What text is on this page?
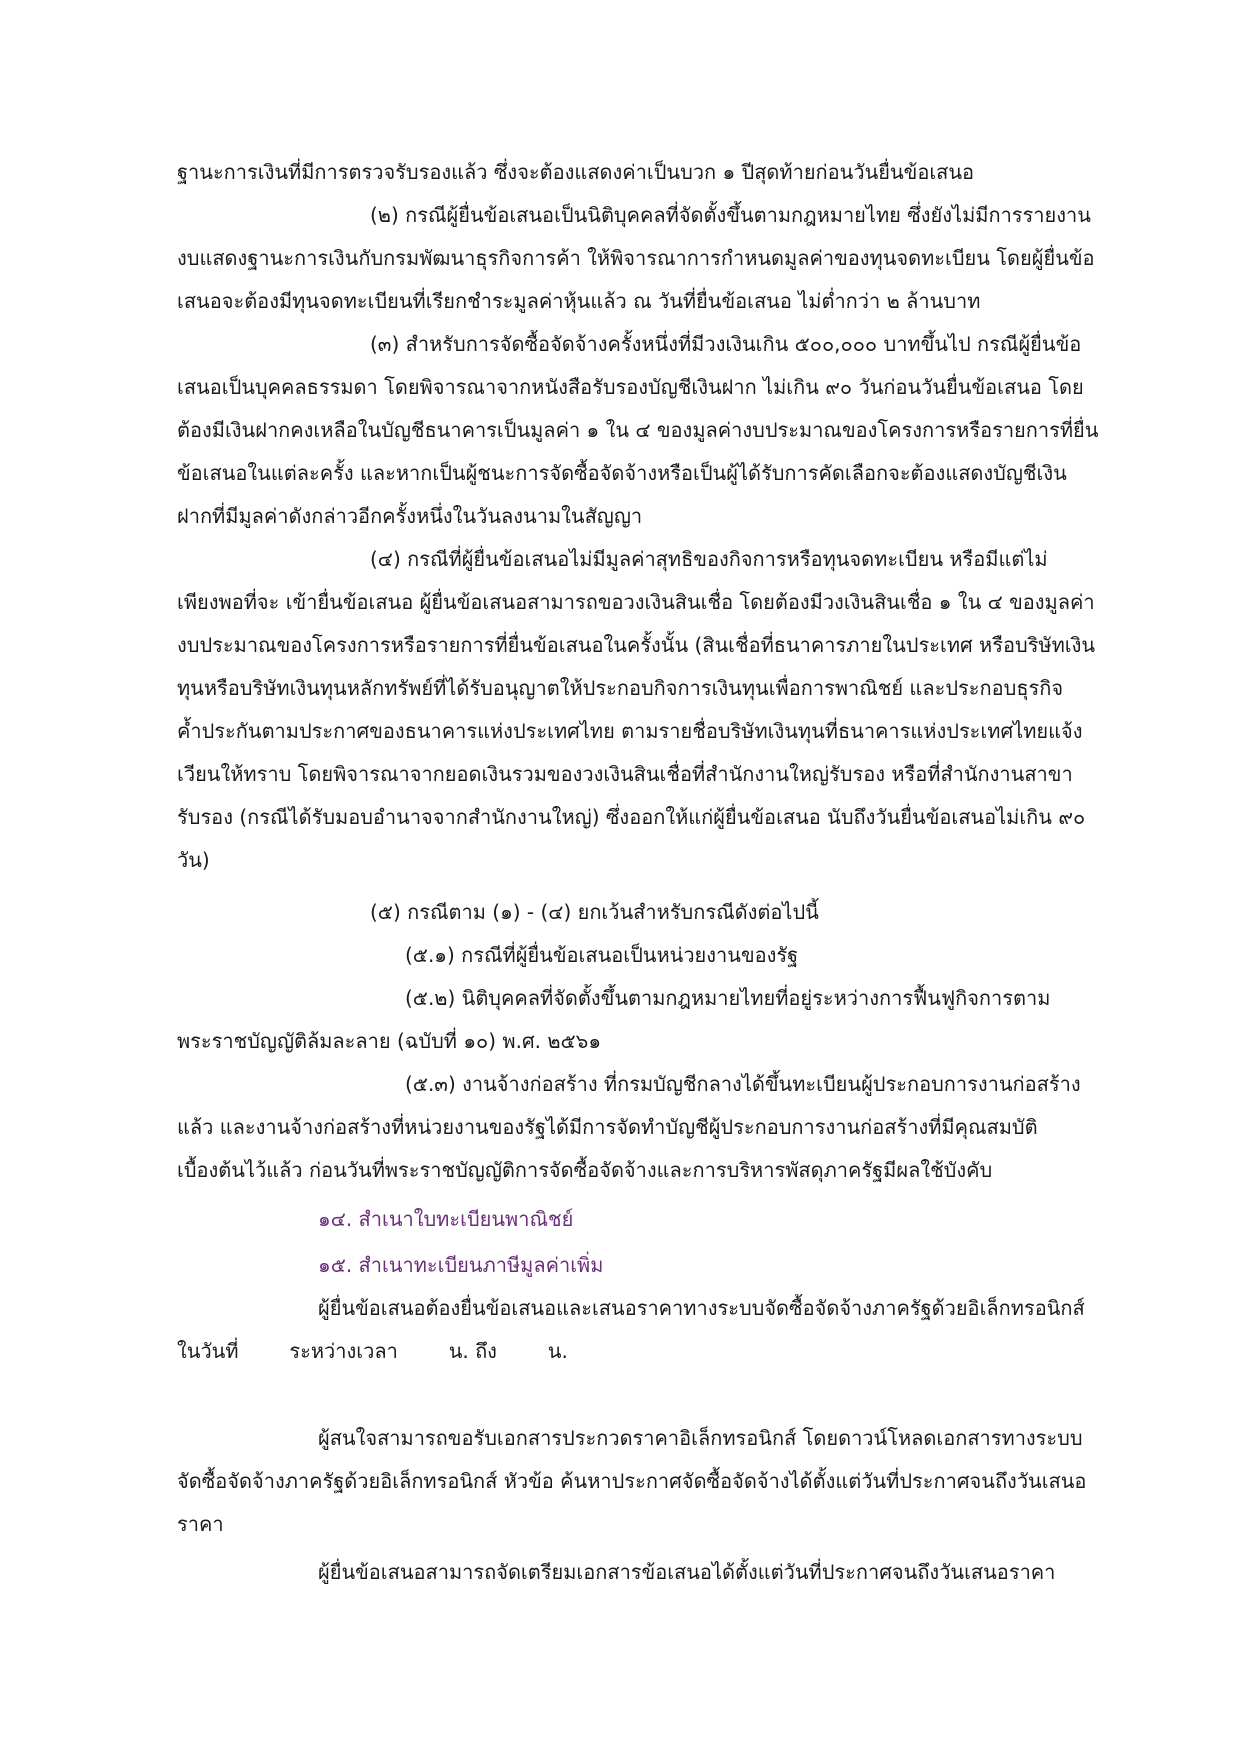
ฐานะการเงินที่มีการตรวจรับรองแล้ว ซึ่งจะต้องแสดงค่าเป็นบวก ๑ ปีสุดท้ายก่อนวันยื่นข้อเสนอ

(๒) กรณีผู้ยื่นข้อเสนอเป็นนิติบุคคลที่จัดตั้งขึ้นตามกฎหมายไทย ซึ่งยังไม่มีการรายงาน

งบแสดงฐานะการเงินกับกรมพัฒนาธุรกิจการค้า ให้พิจารณาการกำหนดมูลค่าของทุนจดทะเบียน โดยผู้ยื่นข้อ

เสนอจะต้องมีทุนจดทะเบียนที่เรียกชำระมูลค่าหุ้นแล้ว ณ วันที่ยื่นข้อเสนอ ไม่ต่ำกว่า ๒ ล้านบาท

(๓) สำหรับการจัดซื้อจัดจ้างครั้งหนึ่งที่มีวงเงินเกิน ๕๐๐,๐๐๐ บาทขึ้นไป กรณีผู้ยื่นข้อ

เสนอเป็นบุคคลธรรมดา โดยพิจารณาจากหนังสือรับรองบัญชีเงินฝาก ไม่เกิน ๙๐ วันก่อนวันยื่นข้อเสนอ โดย

ต้องมีเงินฝากคงเหลือในบัญชีธนาคารเป็นมูลค่า ๑ ใน ๔ ของมูลค่างบประมาณของโครงการหรือรายการที่ยื่น

ข้อเสนอในแต่ละครั้ง และหากเป็นผู้ชนะการจัดซื้อจัดจ้างหรือเป็นผู้ได้รับการคัดเลือกจะต้องแสดงบัญชีเงิน

ฝากที่มีมูลค่าดังกล่าวอีกครั้งหนึ่งในวันลงนามในสัญญา

(๔) กรณีที่ผู้ยื่นข้อเสนอไม่มีมูลค่าสุทธิของกิจการหรือทุนจดทะเบียน หรือมีแต่ไม่

เพียงพอที่จะ เข้ายื่นข้อเสนอ ผู้ยื่นข้อเสนอสามารถขอวงเงินสินเชื่อ โดยต้องมีวงเงินสินเชื่อ ๑ ใน ๔ ของมูลค่า

งบประมาณของโครงการหรือรายการที่ยื่นข้อเสนอในครั้งนั้น (สินเชื่อที่ธนาคารภายในประเทศ หรือบริษัทเงิน

ทุนหรือบริษัทเงินทุนหลักทรัพย์ที่ได้รับอนุญาตให้ประกอบกิจการเงินทุนเพื่อการพาณิชย์ และประกอบธุรกิจ

ค้ำประกันตามประกาศของธนาคารแห่งประเทศไทย ตามรายชื่อบริษัทเงินทุนที่ธนาคารแห่งประเทศไทยแจ้ง

เวียนให้ทราบ โดยพิจารณาจากยอดเงินรวมของวงเงินสินเชื่อที่สำนักงานใหญ่รับรอง หรือที่สำนักงานสาขา

รับรอง (กรณีได้รับมอบอำนาจจากสำนักงานใหญ่) ซึ่งออกให้แก่ผู้ยื่นข้อเสนอ นับถึงวันยื่นข้อเสนอไม่เกิน ๙๐

วัน)

(๕) กรณีตาม (๑) - (๔) ยกเว้นสำหรับกรณีดังต่อไปนี้

(๕.๑) กรณีที่ผู้ยื่นข้อเสนอเป็นหน่วยงานของรัฐ

(๕.๒) นิติบุคคลที่จัดตั้งขึ้นตามกฎหมายไทยที่อยู่ระหว่างการฟื้นฟูกิจการตาม

พระราชบัญญัติล้มละลาย (ฉบับที่ ๑๐) พ.ศ. ๒๕๖๑

(๕.๓) งานจ้างก่อสร้าง ที่กรมบัญชีกลางได้ขึ้นทะเบียนผู้ประกอบการงานก่อสร้าง

แล้ว และงานจ้างก่อสร้างที่หน่วยงานของรัฐได้มีการจัดทำบัญชีผู้ประกอบการงานก่อสร้างที่มีคุณสมบัติ

เบื้องต้นไว้แล้ว ก่อนวันที่พระราชบัญญัติการจัดซื้อจัดจ้างและการบริหารพัสดุภาครัฐมีผลใช้บังคับ

๑๔. สำเนาใบทะเบียนพาณิชย์

๑๕. สำเนาทะเบียนภาษีมูลค่าเพิ่ม

ผู้ยื่นข้อเสนอต้องยื่นข้อเสนอและเสนอราคาทางระบบจัดซื้อจัดจ้างภาครัฐด้วยอิเล็กทรอนิกส์

ในวันที่        ระหว่างเวลา        น. ถึง        น.

ผู้สนใจสามารถขอรับเอกสารประกวดราคาอิเล็กทรอนิกส์ โดยดาวน์โหลดเอกสารทางระบบ

จัดซื้อจัดจ้างภาครัฐด้วยอิเล็กทรอนิกส์ หัวข้อ ค้นหาประกาศจัดซื้อจัดจ้างได้ตั้งแต่วันที่ประกาศจนถึงวันเสนอ

ราคา

ผู้ยื่นข้อเสนอสามารถจัดเตรียมเอกสารข้อเสนอได้ตั้งแต่วันที่ประกาศจนถึงวันเสนอราคา
